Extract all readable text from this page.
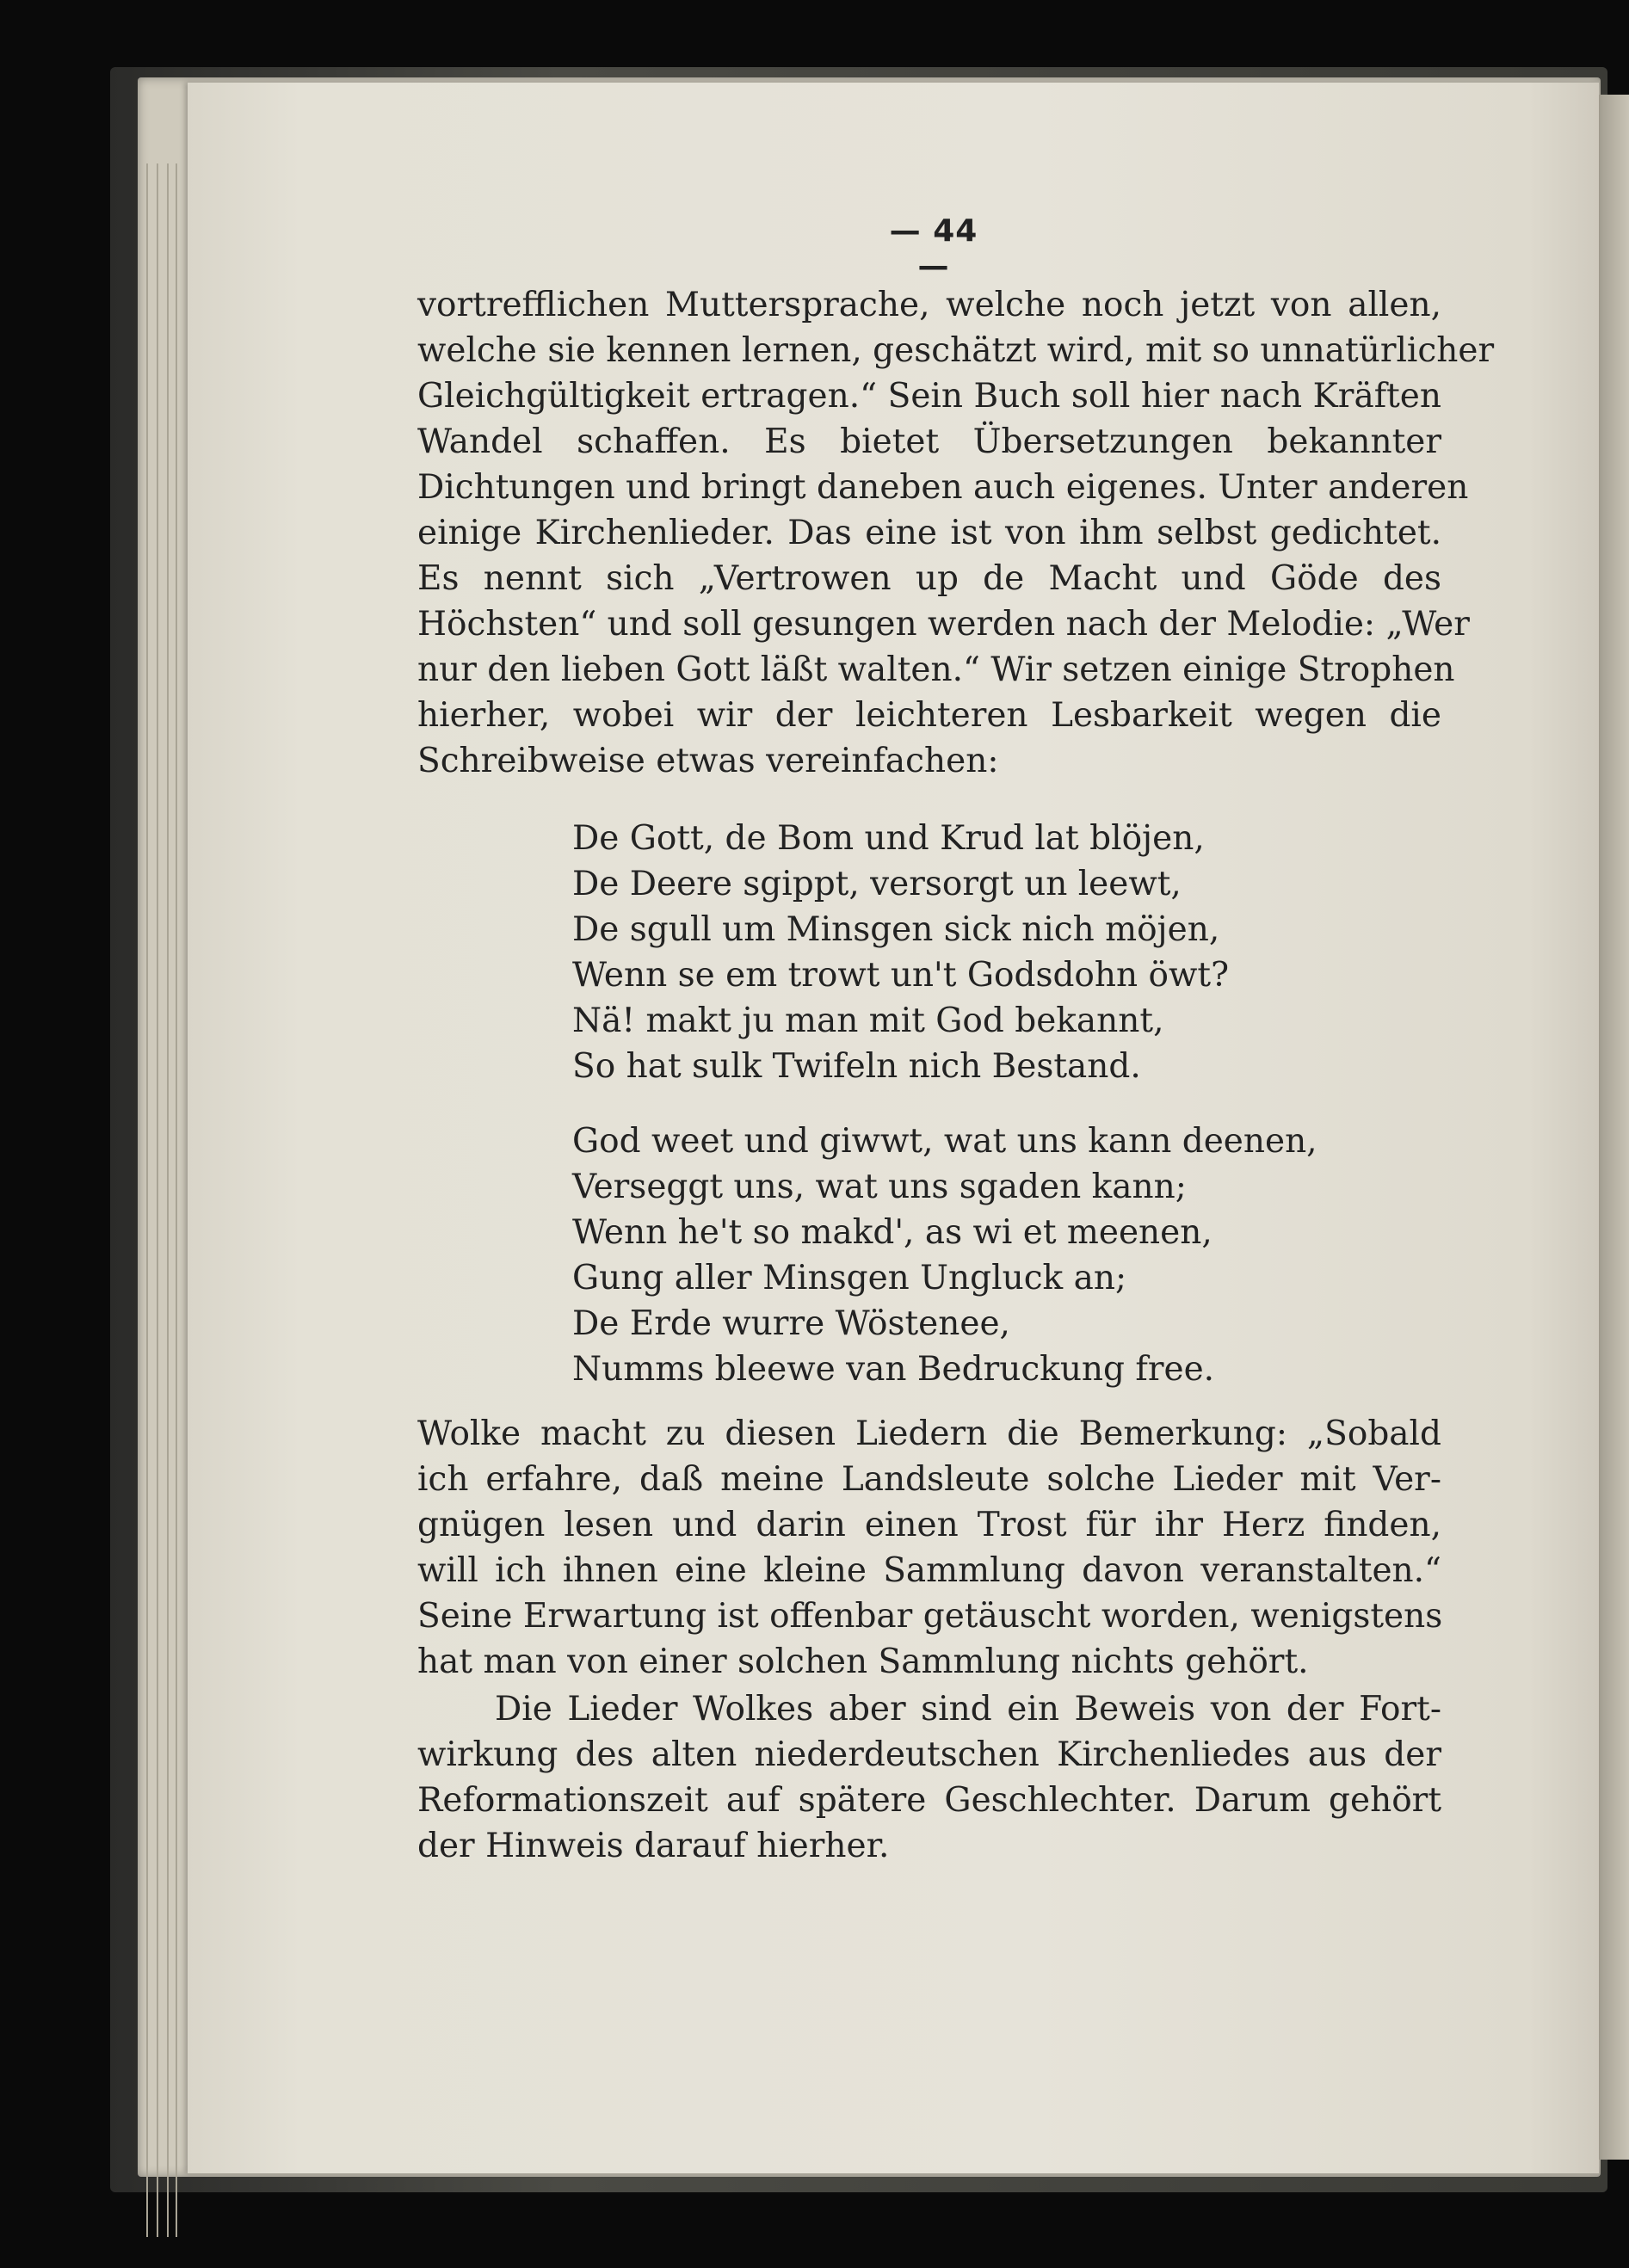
— 44 —
vortrefflichen Muttersprache, welche noch jetzt von allen,
welche sie kennen lernen, geschätzt wird, mit so unnatürlicher
Gleichgültigkeit ertragen.“ Sein Buch soll hier nach Kräften
Wandel schaffen. Es bietet Übersetzungen bekannter
Dichtungen und bringt daneben auch eigenes. Unter anderen
einige Kirchenlieder. Das eine ist von ihm selbst gedichtet.
Es nennt sich „Vertrowen up de Macht und Göde des
Höchsten“ und soll gesungen werden nach der Melodie: „Wer
nur den lieben Gott läßt walten.“ Wir setzen einige Strophen
hierher, wobei wir der leichteren Lesbarkeit wegen die
Schreibweise etwas vereinfachen:
De Gott, de Bom und Krud lat blöjen,
De Deere sgippt, versorgt un leewt,
De sgull um Minsgen sick nich möjen,
Wenn se em trowt un't Godsdohn öwt?
Nä! makt ju man mit God bekannt,
So hat sulk Twifeln nich Bestand.
God weet und giwwt, wat uns kann deenen,
Verseggt uns, wat uns sgaden kann;
Wenn he't so makd', as wi et meenen,
Gung aller Minsgen Ungluck an;
De Erde wurre Wöstenee,
Numms bleewe van Bedruckung free.
Wolke macht zu diesen Liedern die Bemerkung: „Sobald
ich erfahre, daß meine Landsleute solche Lieder mit Ver-
gnügen lesen und darin einen Trost für ihr Herz finden,
will ich ihnen eine kleine Sammlung davon veranstalten.“
Seine Erwartung ist offenbar getäuscht worden, wenigstens
hat man von einer solchen Sammlung nichts gehört.
Die Lieder Wolkes aber sind ein Beweis von der Fort-
wirkung des alten niederdeutschen Kirchenliedes aus der
Reformationszeit auf spätere Geschlechter. Darum gehört
der Hinweis darauf hierher.
